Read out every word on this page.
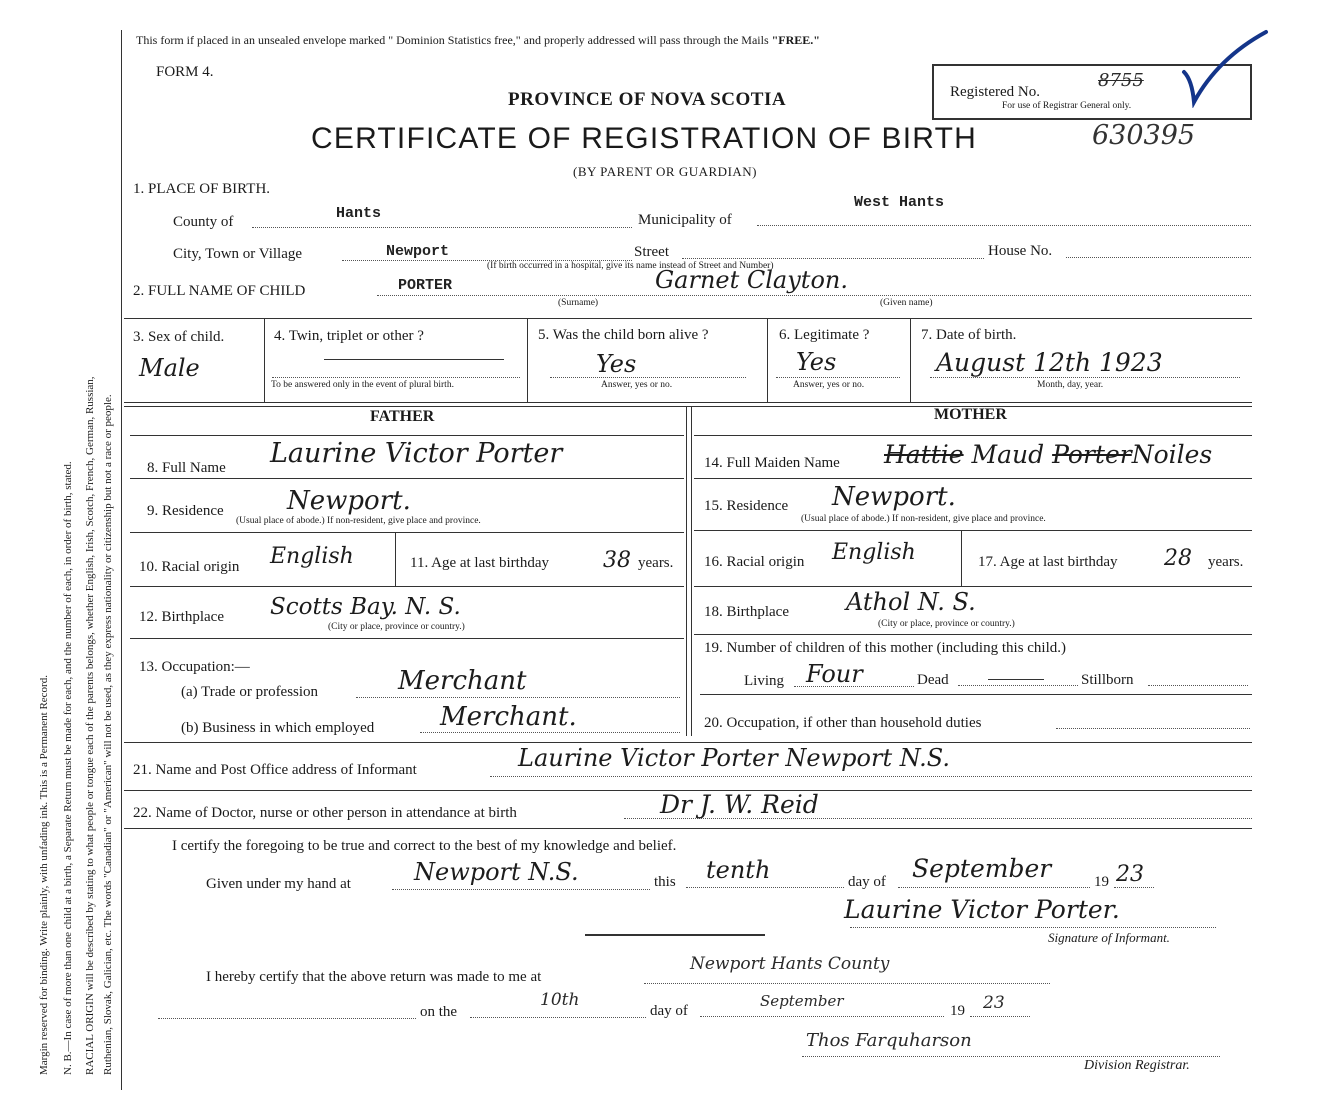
Margin reserved for binding. Write plainly, with unfading ink. This is a Permanent Record. N. B.—In case of more than one child at a birth, a Separate Return must be made for each, and the number of each, in order of birth, stated. RACIAL ORIGIN will be described by stating to what people or tongue each of the parents belongs, whether English, Irish, Scotch, French, German, Russian, Ruthenian, Slovak, Galician, etc. The words "Canadian" or "American" will not be used, as they express nationality or citizenship but not a race or people.
This form if placed in an unsealed envelope marked " Dominion Statistics free," and properly addressed will pass through the Mails "FREE."
FORM 4.
PROVINCE OF NOVA SCOTIA
CERTIFICATE OF REGISTRATION OF BIRTH
(BY PARENT OR GUARDIAN)
Registered No.
8755
For use of Registrar General only.
630395
1. PLACE OF BIRTH.
County of	Hants	Municipality of
West Hants
City, Town or Village	Newport	Street	House No.
(If birth occurred in a hospital, give its name instead of Street and Number)
2. FULL NAME OF CHILD	PORTER	Garnet Clayton.
(Surname)	(Given name)
3. Sex of child.
Male
4. Twin, triplet or other ?
To be answered only in the event of plural birth.
5. Was the child born alive ?
Yes
Answer, yes or no.
6. Legitimate ?
Yes
Answer, yes or no.
7. Date of birth.
August 12th 1923
Month, day, year.
FATHER	MOTHER
8. Full Name Laurine Victor Porter
9. Residence Newport.
(Usual place of abode.) If non-resident, give place and province.
10. Racial origin English	11. Age at last birthday 38 years.
12. Birthplace Scotts Bay. N. S.
(City or place, province or country.)
13. Occupation:—
(a) Trade or profession	Merchant
(b) Business in which employed	Merchant.
14. Full Maiden Name Hattie Maud PorterNoiles
15. Residence Newport.
(Usual place of abode.) If non-resident, give place and province.
16. Racial origin English	17. Age at last birthday 28 years.
18. Birthplace Athol N. S.
(City or place, province or country.)
19. Number of children of this mother (including this child.)
Living Four	Dead	Stillborn
20. Occupation, if other than household duties
21. Name and Post Office address of Informant	Laurine Victor Porter Newport N.S.
22. Name of Doctor, nurse or other person in attendance at birth	Dr J. W. Reid
I certify the foregoing to be true and correct to the best of my knowledge and belief.
Given under my hand at	Newport N.S.	this tenth	day of September	19 23
Laurine Victor Porter.
Signature of Informant.
I hereby certify that the above return was made to me at
Newport Hants County
on the
10th
day of
September
19 23
Thos Farquharson
Division Registrar.
